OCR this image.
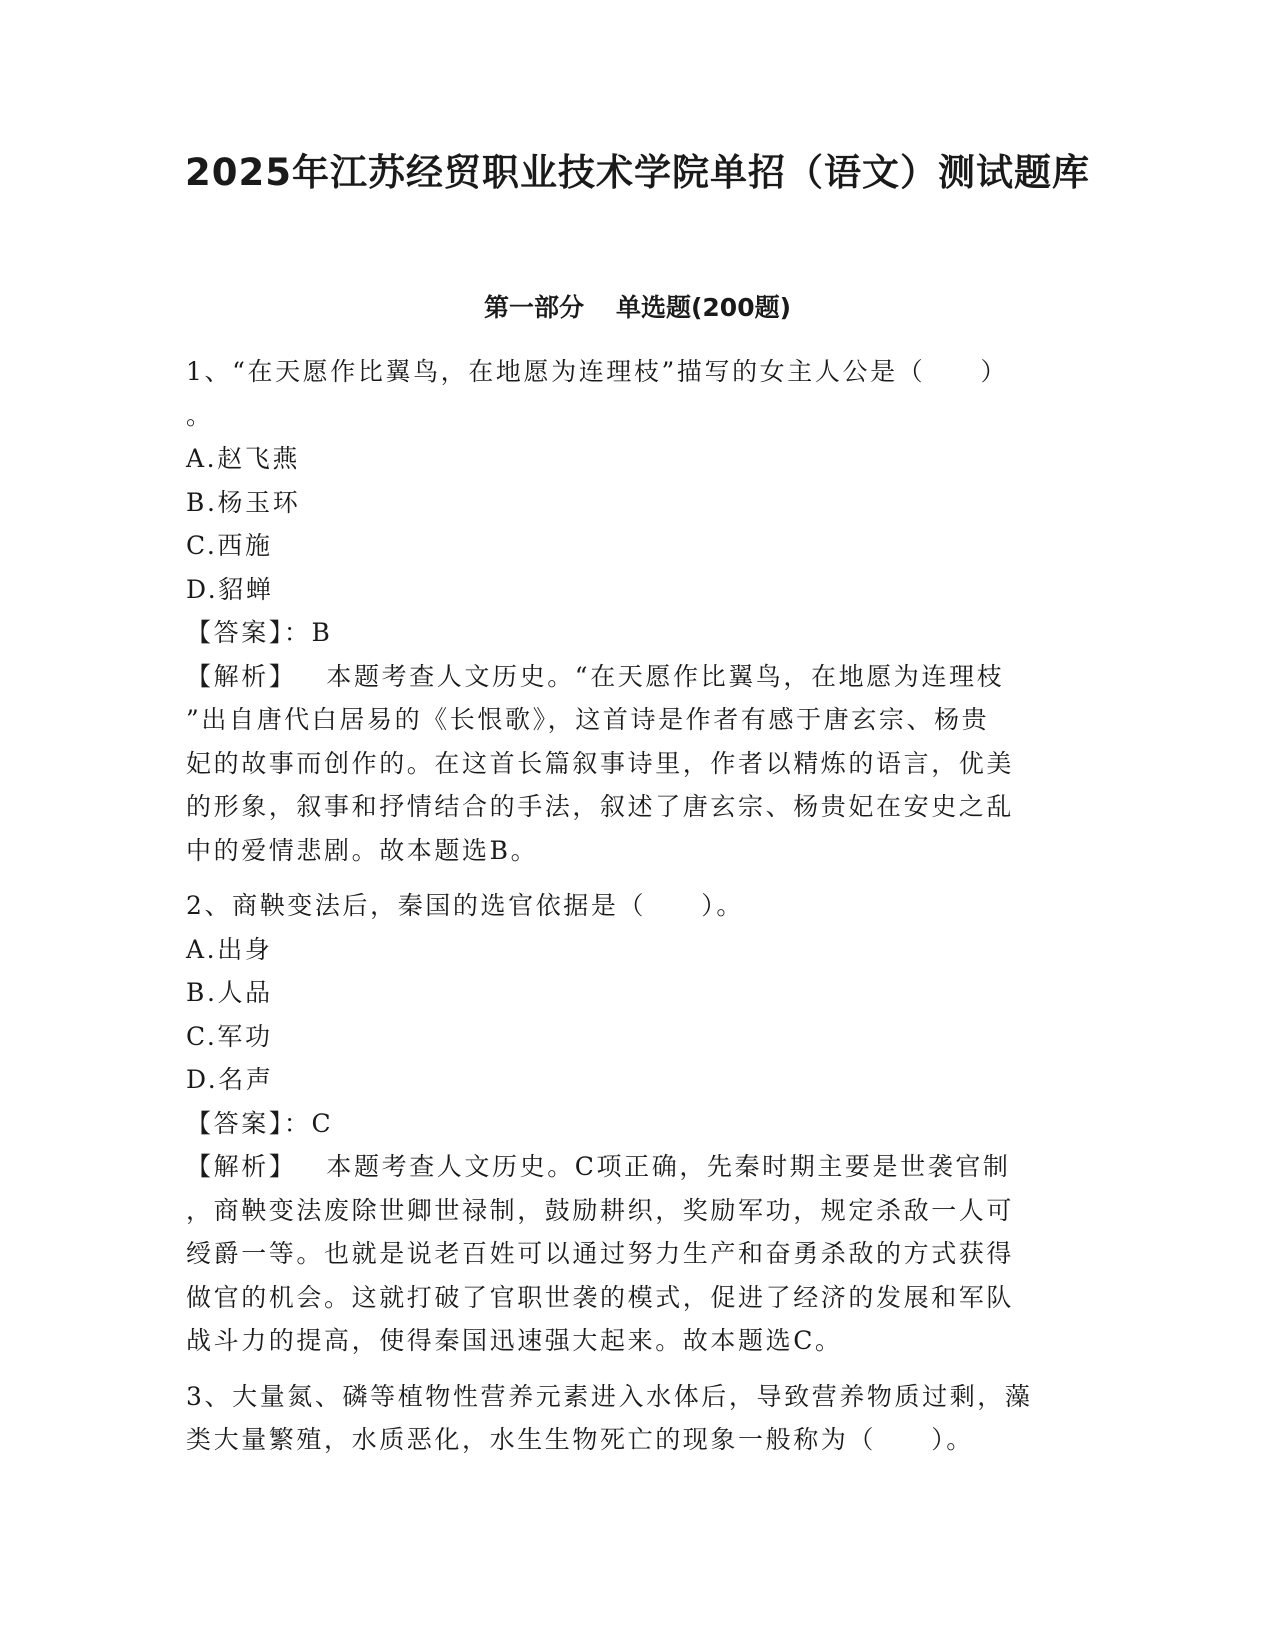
2025年江苏经贸职业技术学院单招（语文）测试题库
第一部分 单选题(200题)

1、“在天愿作比翼鸟，在地愿为连理枝”描写的女主人公是（　　）

。

A.赵飞燕

B.杨玉环

C.西施

D.貂蝉

【答案】：B

【解析】 本题考查人文历史。“在天愿作比翼鸟，在地愿为连理枝
”出自唐代白居易的《长恨歌》，这首诗是作者有感于唐玄宗、杨贵
妃的故事而创作的。在这首长篇叙事诗里，作者以精炼的语言，优美
的形象，叙事和抒情结合的手法，叙述了唐玄宗、杨贵妃在安史之乱
中的爱情悲剧。故本题选B。

2、商鞅变法后，秦国的选官依据是（　　）。

A.出身

B.人品

C.军功

D.名声

【答案】：C

【解析】 本题考查人文历史。C项正确，先秦时期主要是世袭官制
，商鞅变法废除世卿世禄制，鼓励耕织，奖励军功，规定杀敌一人可
绶爵一等。也就是说老百姓可以通过努力生产和奋勇杀敌的方式获得
做官的机会。这就打破了官职世袭的模式，促进了经济的发展和军队
战斗力的提高，使得秦国迅速强大起来。故本题选C。

3、大量氮、磷等植物性营养元素进入水体后，导致营养物质过剩，藻

类大量繁殖，水质恶化，水生生物死亡的现象一般称为（　　）。
